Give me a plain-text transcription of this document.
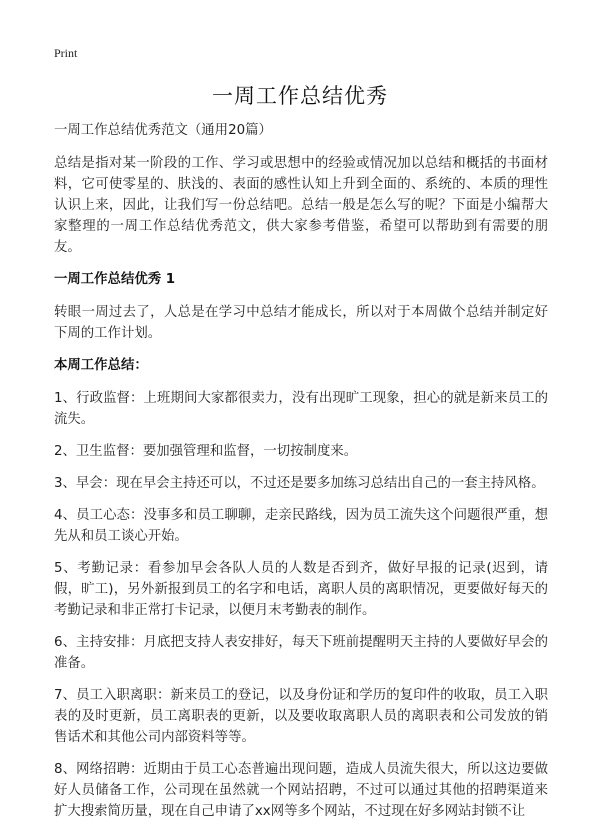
Print
一周工作总结优秀

一周工作总结优秀范文（通用20篇）

总结是指对某一阶段的工作、学习或思想中的经验或情况加以总结和概括的书面材料，它可使零星的、肤浅的、表面的感性认知上升到全面的、系统的、本质的理性认识上来，因此，让我们写一份总结吧。总结一般是怎么写的呢？下面是小编帮大家整理的一周工作总结优秀范文，供大家参考借鉴，希望可以帮助到有需要的朋友。

一周工作总结优秀 1

转眼一周过去了，人总是在学习中总结才能成长，所以对于本周做个总结并制定好下周的工作计划。

本周工作总结：

1、行政监督：上班期间大家都很卖力，没有出现旷工现象，担心的就是新来员工的流失。

2、卫生监督：要加强管理和监督，一切按制度来。

3、早会：现在早会主持还可以，不过还是要多加练习总结出自己的一套主持风格。

4、员工心态：没事多和员工聊聊，走亲民路线，因为员工流失这个问题很严重，想先从和员工谈心开始。

5、考勤记录：看参加早会各队人员的人数是否到齐，做好早报的记录(迟到，请假，旷工)，另外新报到员工的名字和电话，离职人员的离职情况，更要做好每天的考勤记录和非正常打卡记录，以便月末考勤表的制作。

6、主持安排：月底把支持人表安排好，每天下班前提醒明天主持的人要做好早会的准备。

7、员工入职离职：新来员工的登记，以及身份证和学历的复印件的收取，员工入职表的及时更新，员工离职表的更新，以及要收取离职人员的离职表和公司发放的销售话术和其他公司内部资料等等。

8、网络招聘：近期由于员工心态普遍出现问题，造成人员流失很大，所以这边要做好人员储备工作，公司现在虽然就一个网站招聘，不过可以通过其他的招聘渠道来扩大搜索简历量，现在自己申请了xx网等多个网站，不过现在好多网站封锁不让
